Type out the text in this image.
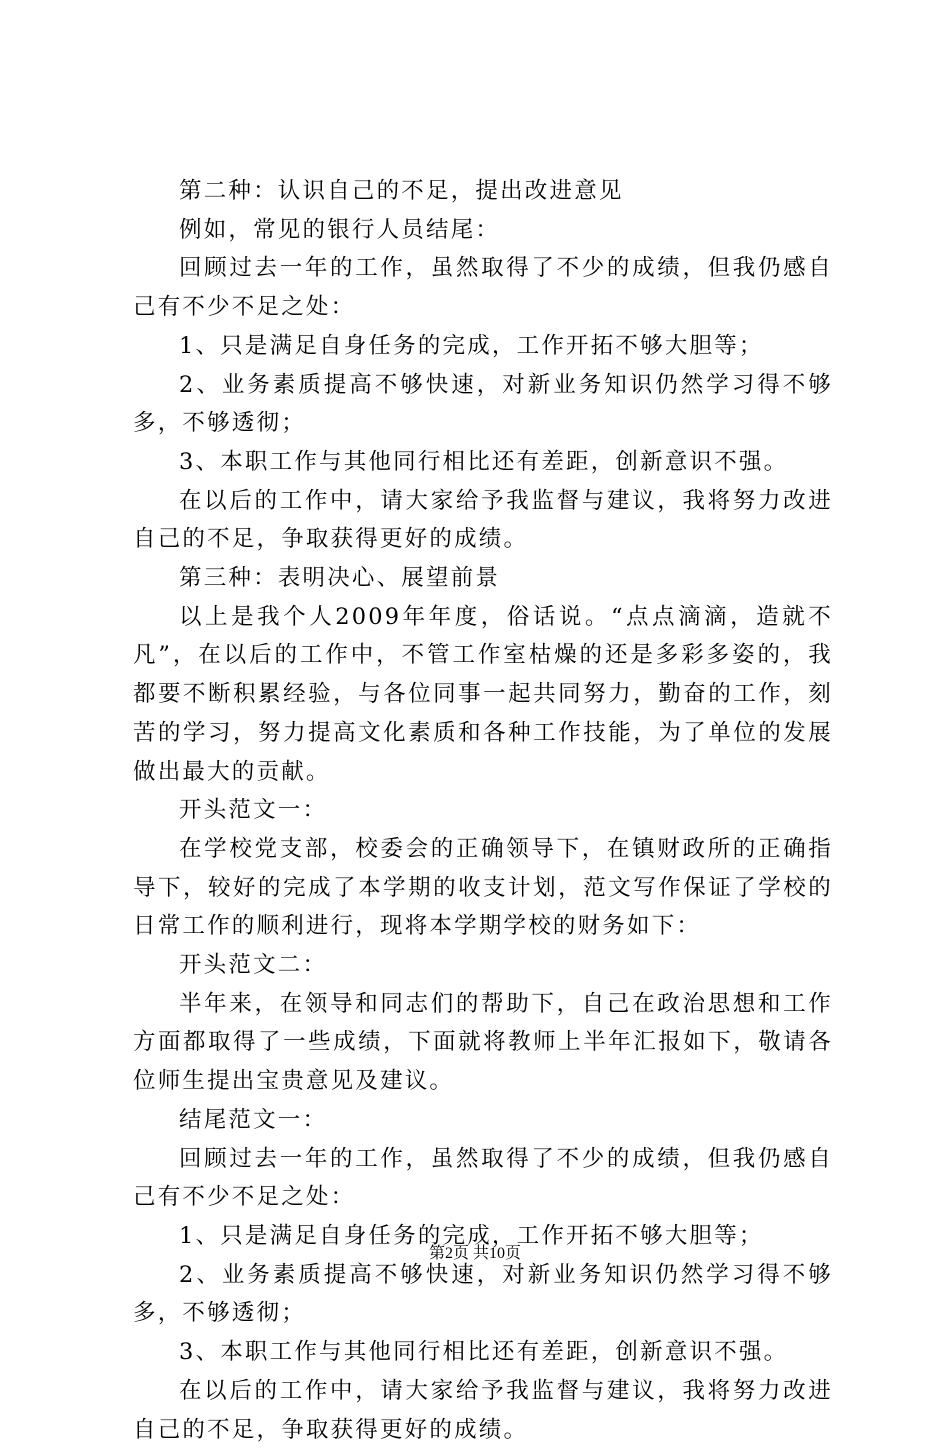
第二种：认识自己的不足，提出改进意见

例如，常见的银行人员结尾：

回顾过去一年的工作，虽然取得了不少的成绩，但我仍感自己有不少不足之处：

1、只是满足自身任务的完成，工作开拓不够大胆等；

2、业务素质提高不够快速，对新业务知识仍然学习得不够多，不够透彻；

3、本职工作与其他同行相比还有差距，创新意识不强。

在以后的工作中，请大家给予我监督与建议，我将努力改进自己的不足，争取获得更好的成绩。

第三种：表明决心、展望前景

以上是我个人2009年年度，俗话说。“点点滴滴，造就不凡”，在以后的工作中，不管工作室枯燥的还是多彩多姿的，我都要不断积累经验，与各位同事一起共同努力，勤奋的工作，刻苦的学习，努力提高文化素质和各种工作技能，为了单位的发展做出最大的贡献。

开头范文一：

在学校党支部，校委会的正确领导下，在镇财政所的正确指导下，较好的完成了本学期的收支计划，范文写作保证了学校的日常工作的顺利进行，现将本学期学校的财务如下：

开头范文二：

半年来，在领导和同志们的帮助下，自己在政治思想和工作方面都取得了一些成绩，下面就将教师上半年汇报如下，敬请各位师生提出宝贵意见及建议。

结尾范文一：

回顾过去一年的工作，虽然取得了不少的成绩，但我仍感自己有不少不足之处：

1、只是满足自身任务的完成，工作开拓不够大胆等；

2、业务素质提高不够快速，对新业务知识仍然学习得不够多，不够透彻；

3、本职工作与其他同行相比还有差距，创新意识不强。

在以后的工作中，请大家给予我监督与建议，我将努力改进自己的不足，争取获得更好的成绩。

第2页 共10页
